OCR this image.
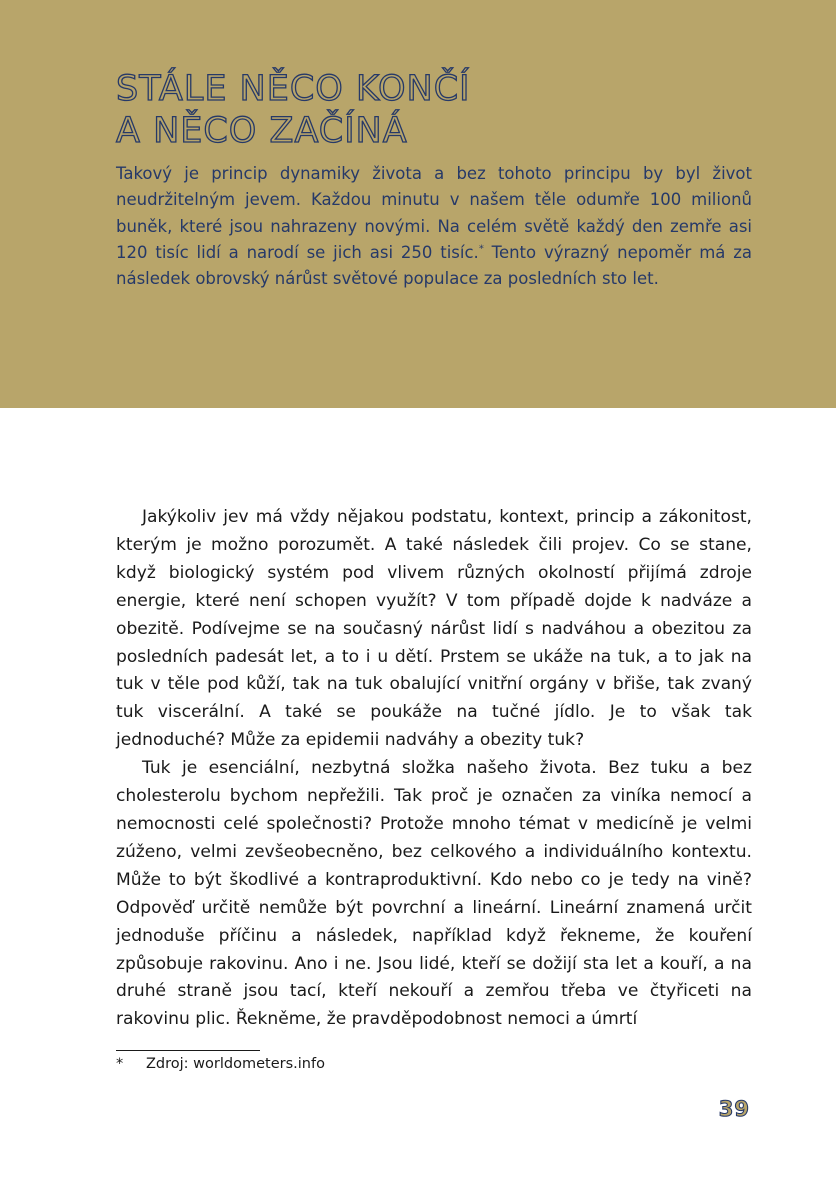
STÁLE NĚCO KONČÍ
A NĚCO ZAČÍNÁ

Takový je princip dynamiky života a bez tohoto principu by byl život neudržitelným jevem. Každou minutu v našem těle odumře 100 milionů buněk, které jsou nahrazeny novými. Na celém světě každý den zemře asi 120 tisíc lidí a narodí se jich asi 250 tisíc.* Tento výrazný nepoměr má za následek obrovský nárůst světové populace za posledních sto let.

Jakýkoliv jev má vždy nějakou podstatu, kontext, princip a zákonitost, kterým je možno porozumět. A také následek čili projev. Co se stane, když biologický systém pod vlivem různých okolností přijímá zdroje energie, které není schopen využít? V tom případě dojde k nadváze a obezitě. Podívejme se na současný nárůst lidí s nadváhou a obezitou za posledních padesát let, a to i u dětí. Prstem se ukáže na tuk, a to jak na tuk v těle pod kůží, tak na tuk obalující vnitřní orgány v břiše, tak zvaný tuk viscerální. A také se poukáže na tučné jídlo. Je to však tak jednoduché? Může za epidemii nadváhy a obezity tuk?

Tuk je esenciální, nezbytná složka našeho života. Bez tuku a bez cholesterolu bychom nepřežili. Tak proč je označen za viníka nemocí a nemocnosti celé společnosti? Protože mnoho témat v medicíně je velmi zúženo, velmi zevšeobecněno, bez celkového a individuálního kontextu. Může to být škodlivé a kontraproduktivní. Kdo nebo co je tedy na vině? Odpověď určitě nemůže být povrchní a lineární. Lineární znamená určit jednoduše příčinu a následek, například když řekneme, že kouření způsobuje rakovinu. Ano i ne. Jsou lidé, kteří se dožijí sta let a kouří, a na druhé straně jsou tací, kteří nekouří a zemřou třeba ve čtyřiceti na rakovinu plic. Řekněme, že pravděpodobnost nemoci a úmrtí

* Zdroj: worldometers.info
39
